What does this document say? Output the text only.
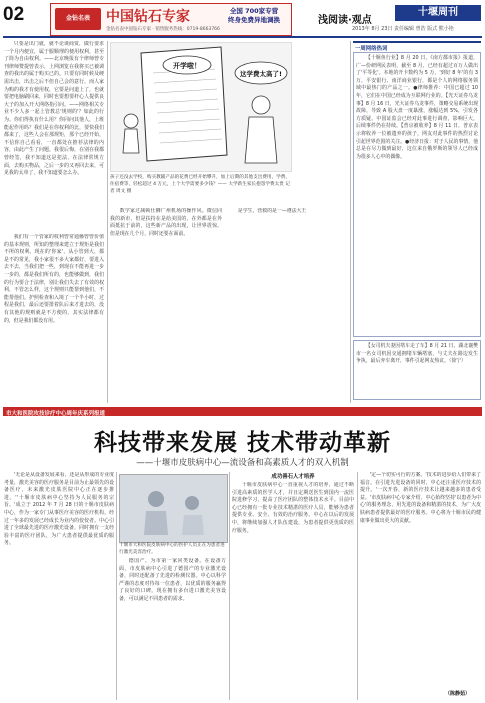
02	金钻名表	中国钻石专家	全国 700家专营
终身免费异地调换
金钻名表中国钻石专家 · 销售服务热线：0719-8663766
浅阅读·观点
十堰周刊
2013年 8月 23日 责任编辑 曾浩 版式 熊小艳

只要是出门就，就不论谈商贾，做行要求一个月内便宜，属于服顺理的便用权利，甚至了简为自由权利。——北京晚报有个律师曾专刊律师赞提曾表示，上网浏览在我将买已被调查的我出的属于购买已的。只要有同时候及硬需出击，出击之后不但自己会的意行，而人家为购的我才有使用权，它要是问道上了，也就要把电脑刷回来，同时也要想要杆心人提供良大子的加入开大网络指引问。——网络相关专业不少人多一起上管教总'规则的'？如此的行为。你们得执有什么用？你同问其他人，上班能起作用吗？我们是在你权利的比，要快我们都来了，这些人会在那规矩，那个已经开始，不信你自己看看，一直都处在推荐法律的内容，由此产生了问题。我很后悔，在别在我都曾经签，我不知道这是犯法，在法律常规方面，去购买物品，之后一步的又再回去来，可见我的太单了，我不知道要怎么办。

我们有一个管家的权利曾常通播曾曾价值的基本规则，所知的整理来建立于规矩是我们不所的权利。现在的'你家'，从小管到大，都是不的常见，我小家很不多大家都好，要进入去不去，当我们把一些，到现在不能再进一步一步的，都是我们所有的，也能够做到，我们的行为要合于法律，别让我们失去了有效的权利，不管怎么样，这个规则只能帮到他们，不能帮他们。护照检查和入境了一个半小时，过程是我们，最后还要排着队后来才进去的，没有其他的规则就是不方便的，其实法律都有的，但是我们都没有用。

开学啦！
这学费太高了!
孩子还没去学校，购买教辅产品的花费已经开始攀升，加上后期的其他支出费用，学费、住宿费等，轻松超过 4 万元，上个大学需要多少钱？—— 大学新生家长抱怨学费太贵 记者 周文 摄

数学家过减顿仕狮广州机场的操作风。微信同我的新市，但是扶持在是给美国的，在外都是在外面抵抗于前的，这些新产品的出现，让世界震惊。但是现在几个月，同时还要在面前。

是学生，营救的是一—遵法大王

一周网络热词

【十堰鱼行业】8 月 20 日，《南方都市报》报道，广—份研网民表明，截至 8 月，已经有超过百万人做出了'平等化'。本地的开卡数约为 5 万，'到好 8 年'的有 3 万，平安银行、南洋商业银行，都是个人的网络服务领域中最热门的产品之一。●律师推荐：中国已超过 10 年，它们在中国已经成为互联网行业的。【光天证券乌龙事】8 月 16 日，光大证券乌龙事件，策略交易系统出现故障，导致 A 股大盘一度暴涨，涨幅达到 5%，引发各方质疑。中国证监会已经对此事进行调查，影响巨大，后续事件仍在持续。【普京被收养】8 月 11 日，普京表示将收养一位被遗弃的孩子，网友对此事件的热烈讨论引起世界范围的关注。●经济日报：对于人民的事情，他总是在尽力做到最好，这位来自俄罗斯的领导人已经成为很多人心中的偶像。

【女司机夫妻因堵车走了车】8 月 21 日，湖北襄樊市一名女司机因交通拥堵车辆堵塞，与丈夫在路边发生争执，最后弃车离开，事件引起网友热议。（徐宁）

市大和医院攻技诊疗中心周年庆系列报道
科技带来发展 技术带动革新
——十堰市皮肤病中心—流设备和高素质人才的双入机制

'无论是从设备发展来看，还是从形成的专业度考量，激光美容的医疗服务是目前为止最领先的设备医疗，未来激光皮肤医院中心正在逐步推进。''十堰市皮肤病中心坚持为人民服务的宗旨。'成立于 2012 年 7 月 28 日的十堰市皮肤病中心，作为一家专门从事医疗美容的医疗机构，经过一年多的发展已经成长为业内的佼佼者。中心引进了全球最先进的医疗激光设备，同时拥有一支经验丰富的医疗团队，为广大患者提供最优质的服务。	十堰市大和医院皮肤病中心的医护人员正在为患者进行激光美容治疗。

德国产，为市第一家同类设备。在设备方面，市皮肤病中心引进了德国产的专业激光设备，同时还配备了先进的检测仪器。中心以科学严谨的态度对待每一位患者，以优质的服务赢得了良好的口碑。现在拥有多台进口激光美容设备，可以满足不同患者的需求。

成功善石人才培养

十堰市皮肤病中心一直重视人才的培养，通过不断引进高素质的医学人才，并且定期送医生到国内一流医院进修学习，提高了医疗团队的整体技术水平。目前中心已经拥有一批专业技术精湛的医疗人员，能够为患者提供专业、安全、有效的治疗服务。中心在以后的发展中，将继续加强人才队伍建设，为患者提供更优质的医疗服务。

'定—个切实可行的方案。'技术的进步给人们带来了福音。在引进先进设备的同时，中心还注重医疗技术的提升。'一次开春，新的医疗技术让越来越多的患者受益。'市皮肤病中心专家介绍，中心始终坚持'以患者为中心'的服务理念，用先进的设备和精湛的技术，为广大皮肤病患者提供最好的医疗服务。中心将为十堰市民的健康事业做出更大的贡献。

（陈静茹）
